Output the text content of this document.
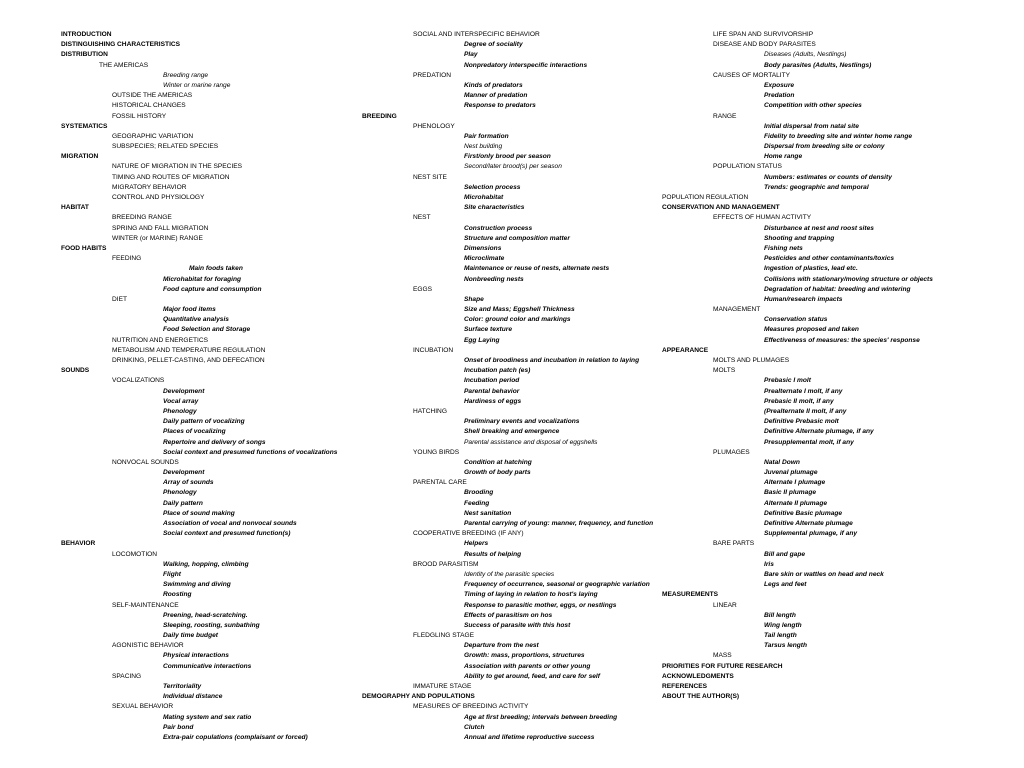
INTRODUCTION
DISTINGUISHING CHARACTERISTICS
DISTRIBUTION
THE AMERICAS
Breeding range
Winter or marine range
OUTSIDE THE AMERICAS
HISTORICAL CHANGES
FOSSIL HISTORY
SYSTEMATICS
GEOGRAPHIC VARIATION
SUBSPECIES; RELATED SPECIES
MIGRATION
NATURE OF MIGRATION IN THE SPECIES
TIMING AND ROUTES OF MIGRATION
MIGRATORY BEHAVIOR
CONTROL AND PHYSIOLOGY
HABITAT
BREEDING RANGE
SPRING AND FALL MIGRATION
WINTER (or MARINE) RANGE
FOOD HABITS
FEEDING
Main foods taken
Microhabitat for foraging
Food capture and consumption
DIET
Major food items
Quantitative analysis
Food Selection and Storage
NUTRITION AND ENERGETICS
METABOLISM AND TEMPERATURE REGULATION
DRINKING, PELLET-CASTING, AND DEFECATION
SOUNDS
VOCALIZATIONS
Development
Vocal array
Phenology
Daily pattern of vocalizing
Places of vocalizing
Repertoire and delivery of songs
Social context and presumed functions of vocalizations
NONVOCAL SOUNDS
Development
Array of sounds
Phenology
Daily pattern
Place of sound making
Association of vocal and nonvocal sounds
Social context and presumed function(s)
BEHAVIOR
LOCOMOTION
Walking, hopping, climbing
Flight
Swimming and diving
Roosting
SELF-MAINTENANCE
Preening, head-scratching.
Sleeping, roosting, sunbathing
Daily time budget
AGONISTIC BEHAVIOR
Physical interactions
Communicative interactions
SPACING
Territoriality
Individual distance
SEXUAL BEHAVIOR
Mating system and sex ratio
Pair bond
Extra-pair copulations (complaisant or forced)
SOCIAL AND INTERSPECIFIC BEHAVIOR
Degree of sociality
Play
Nonpredatory interspecific interactions
PREDATION
Kinds of predators
Manner of predation
Response to predators
BREEDING
PHENOLOGY
Pair formation
Nest building
First/only brood per season
Second/later brood(s) per season
NEST SITE
Selection process
Microhabitat
Site characteristics
NEST
Construction process
Structure and composition matter
Dimensions
Microclimate
Maintenance or reuse of nests, alternate nests
Nonbreeding nests
EGGS
Shape
Size and Mass; Eggshell Thickness
Color: ground color and markings
Surface texture
Egg Laying
INCUBATION
Onset of broodiness and incubation in relation to laying
Incubation patch (es)
Incubation period
Parental behavior
Hardiness of eggs
HATCHING
Preliminary events and vocalizations
Shell breaking and emergence
Parental assistance and disposal of eggshells
YOUNG BIRDS
Condition at hatching
Growth of body parts
PARENTAL CARE
Brooding
Feeding
Nest sanitation
Parental carrying of young: manner, frequency, and function
COOPERATIVE BREEDING (IF ANY)
Helpers
Results of helping
BROOD PARASITISM
Identity of the parasitic species
Frequency of occurrence, seasonal or geographic variation
Timing of laying in relation to host's laying
Response to parasitic mother, eggs, or nestlings
Effects of parasitism on hos
Success of parasite with this host
FLEDGLING STAGE
Departure from the nest
Growth: mass, proportions, structures
Association with parents or other young
Ability to get around, feed, and care for self
IMMATURE STAGE
DEMOGRAPHY AND POPULATIONS
MEASURES OF BREEDING ACTIVITY
Age at first breeding; intervals between breeding
Clutch
Annual and lifetime reproductive success
LIFE SPAN AND SURVIVORSHIP
DISEASE AND BODY PARASITES
Diseases (Adults, Nestlings)
Body parasites (Adults, Nestlings)
CAUSES OF MORTALITY
Exposure
Predation
Competition with other species
RANGE
Initial dispersal from natal site
Fidelity to breeding site and winter home range
Dispersal from breeding site or colony
Home range
POPULATION STATUS
Numbers: estimates or counts of density
Trends: geographic and temporal
POPULATION REGULATION
CONSERVATION AND MANAGEMENT
EFFECTS OF HUMAN ACTIVITY
Disturbance at nest and roost sites
Shooting and trapping
Fishing nets
Pesticides and other contaminants/toxics
Ingestion of plastics, lead etc.
Collisions with stationary/moving structure or objects
Degradation of habitat: breeding and wintering
Human/research impacts
MANAGEMENT
Conservation status
Measures proposed and taken
Effectiveness of measures: the species' response
APPEARANCE
MOLTS AND PLUMAGES
MOLTS
Prebasic I molt
Prealternate I molt, if any
Prebasic II molt, if any
(Prealternate II molt, if any
Definitive Prebasic molt
Definitive Alternate plumage, if any
Presupplemental molt, if any
PLUMAGES
Natal Down
Juvenal plumage
Alternate I plumage
Basic II plumage
Alternate II plumage
Definitive Basic plumage
Definitive Alternate plumage
Supplemental plumage, if any
BARE PARTS
Bill and gape
Iris
Bare skin or wattles on head and neck
Legs and feet
MEASUREMENTS
LINEAR
Bill length
Wing length
Tail length
Tarsus length
MASS
PRIORITIES FOR FUTURE RESEARCH
ACKNOWLEDGMENTS
REFERENCES
ABOUT THE AUTHOR(S)
